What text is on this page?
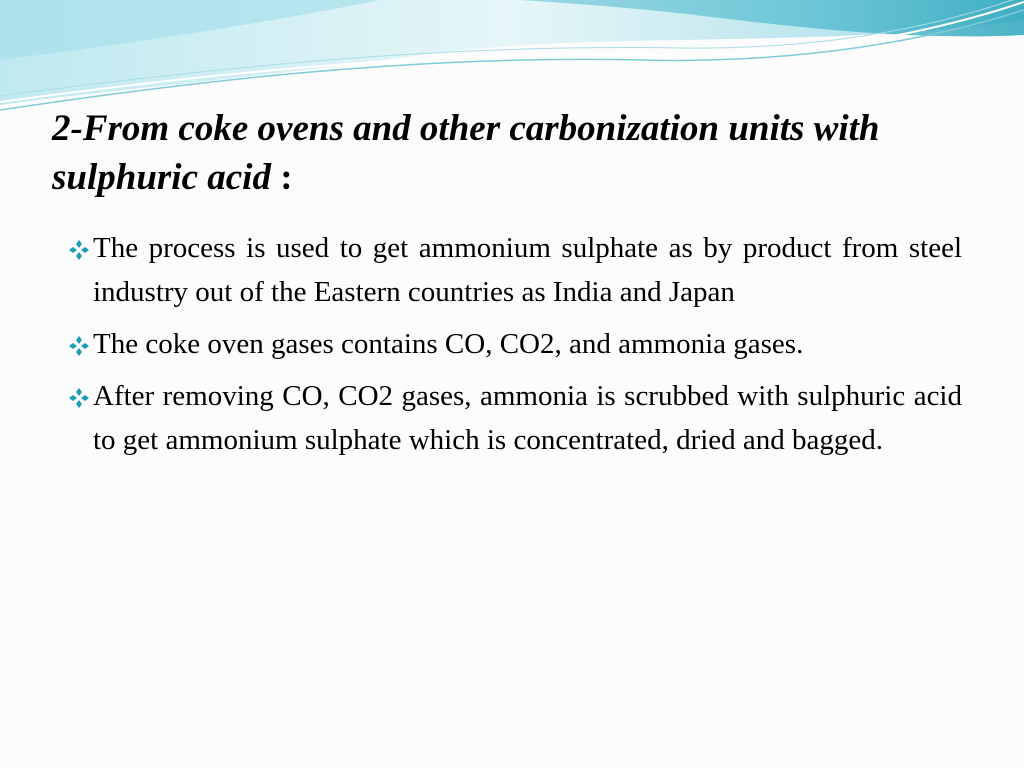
2-From coke ovens and other carbonization units with sulphuric acid :
The process is used to get ammonium sulphate as by product from steel industry out of the Eastern countries as India and Japan
The coke oven gases contains CO, CO2, and ammonia gases.
After removing CO, CO2 gases, ammonia is scrubbed with sulphuric acid to get ammonium sulphate which is concentrated, dried and bagged.
